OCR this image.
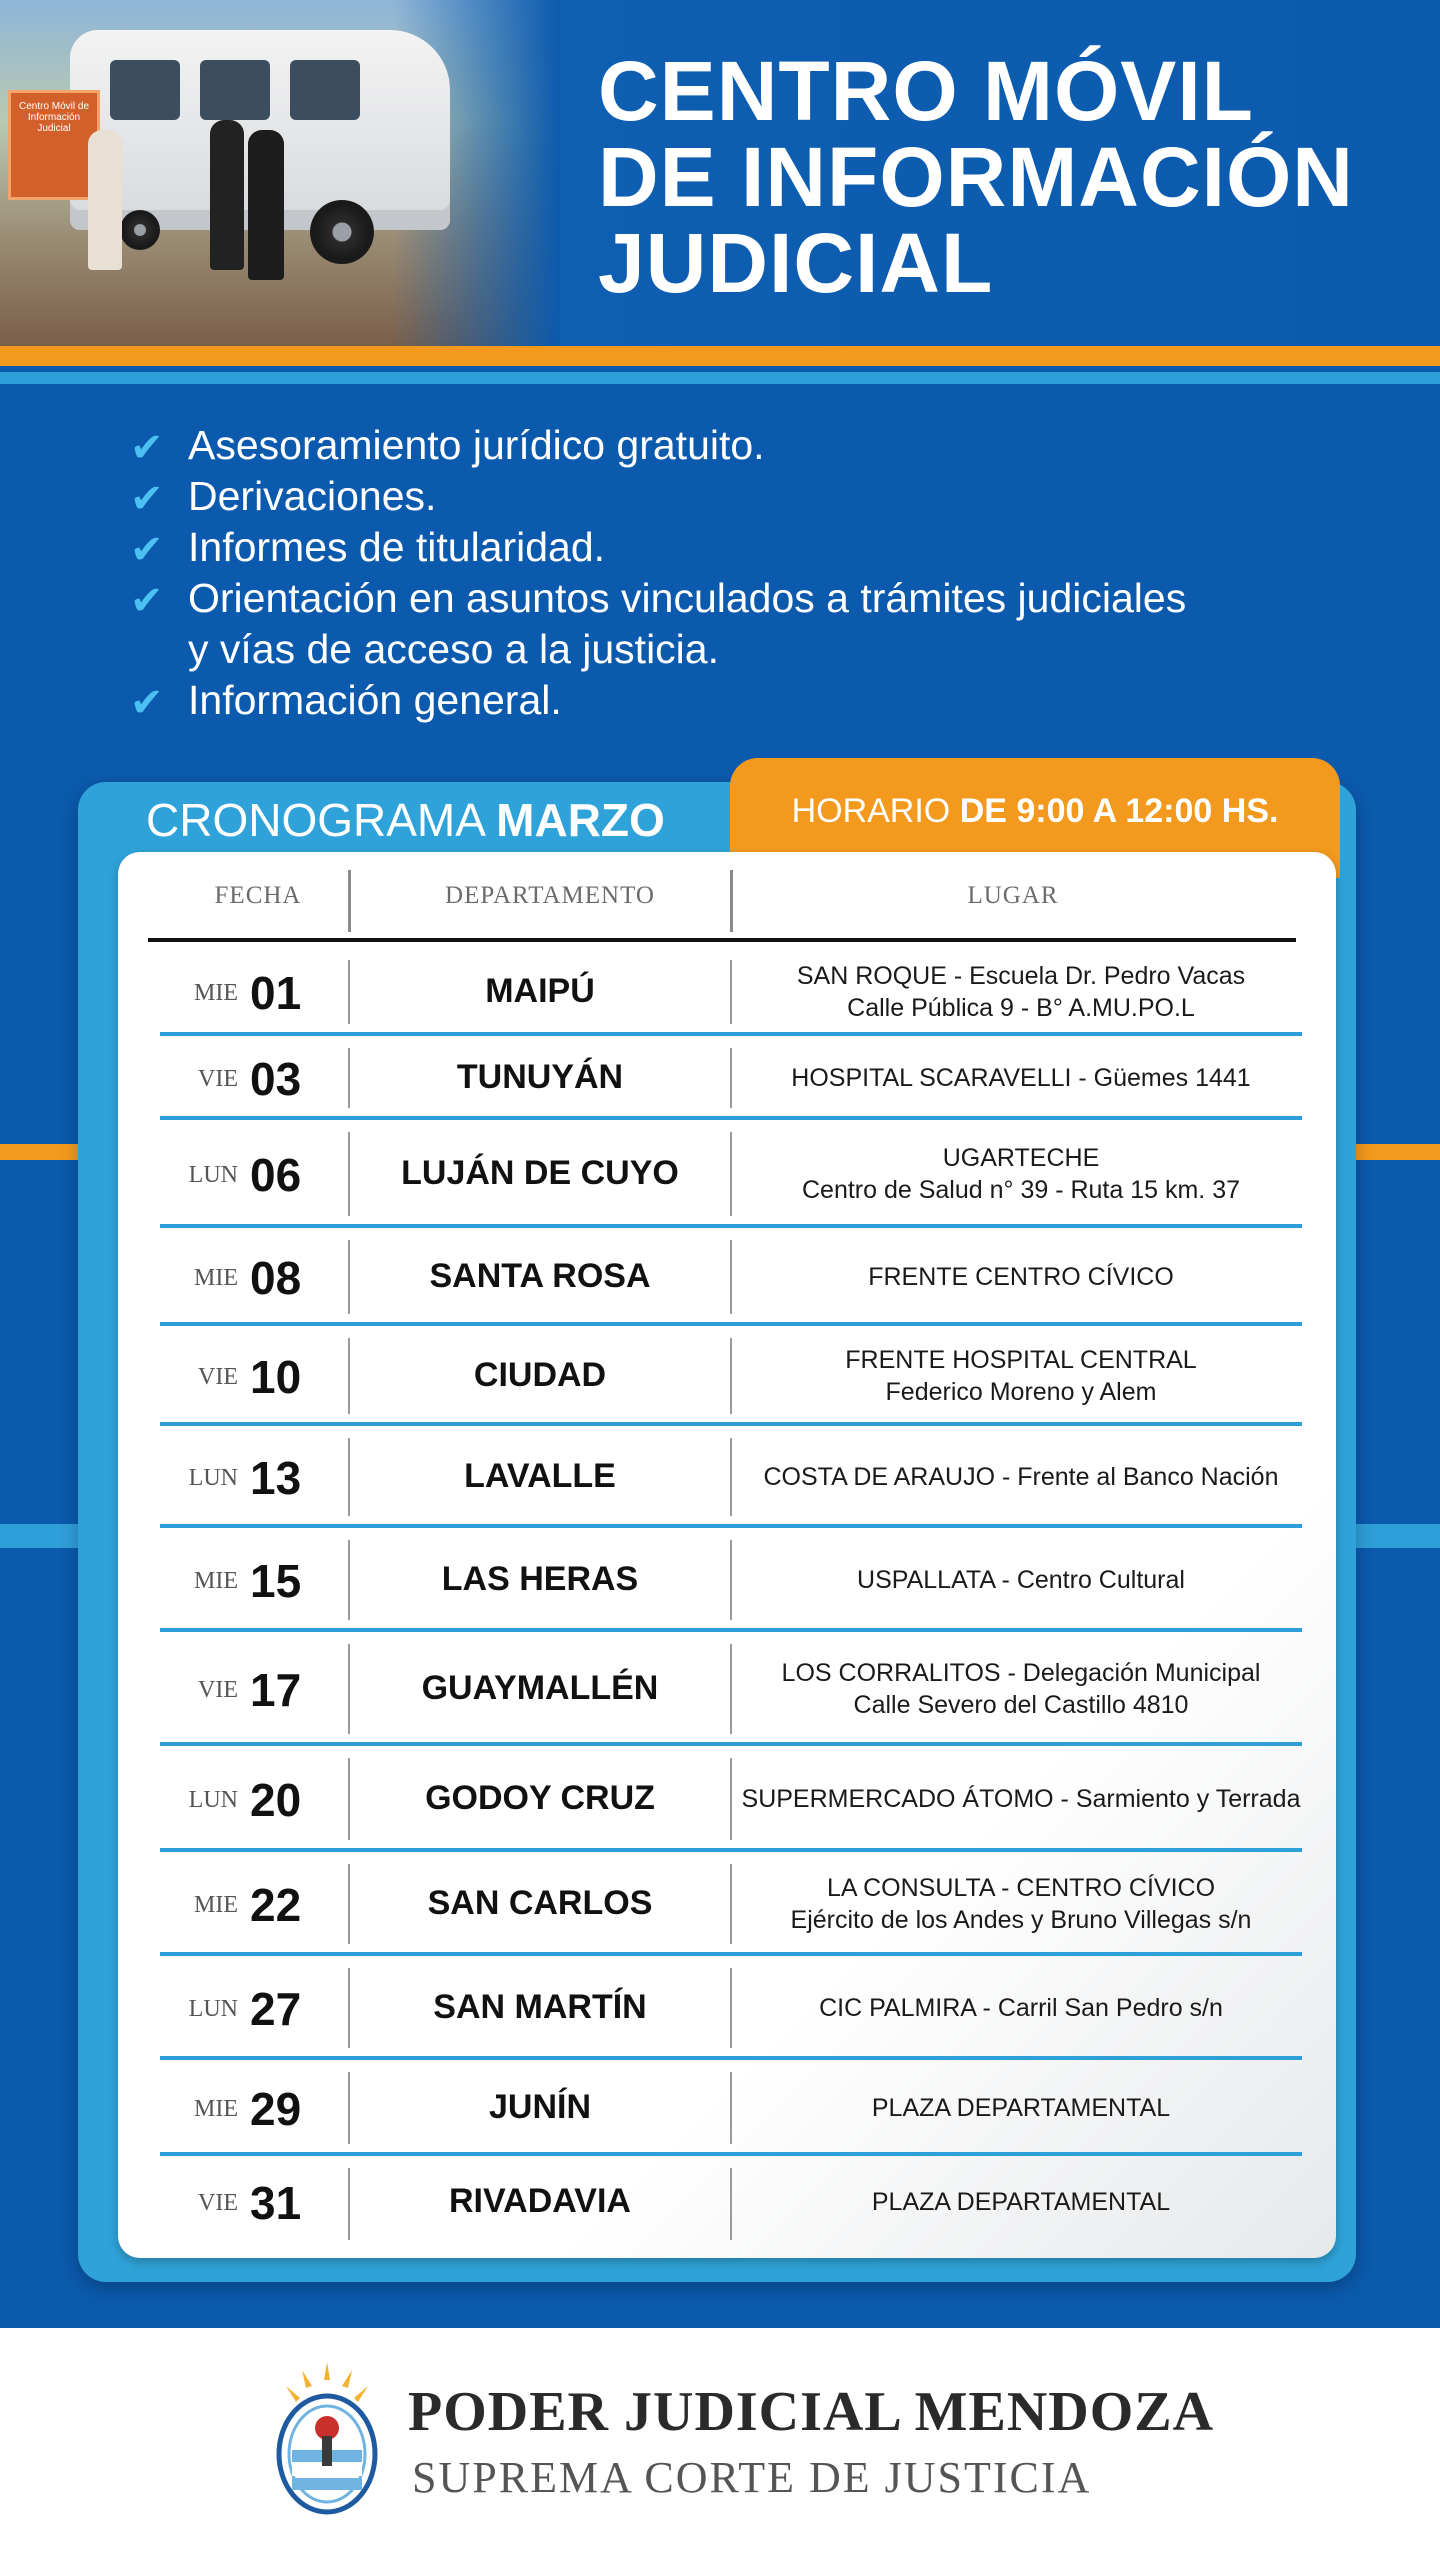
Centro Móvil de Información Judicial	CENTRO MÓVIL
DE INFORMACIÓN
JUDICIAL
✔ Asesoramiento jurídico gratuito.
✔ Derivaciones.
✔ Informes de titularidad.
✔ Orientación en asuntos vinculados a trámites judiciales
y vías de acceso a la justicia.
✔ Información general.
CRONOGRAMA MARZO	HORARIO DE 9:00 A 12:00 HS.
FECHA	DEPARTAMENTO	LUGAR
MIE 01	MAIPÚ	SAN ROQUE - Escuela Dr. Pedro Vacas
Calle Pública 9 - B° A.MU.PO.L
VIE 03	TUNUYÁN	HOSPITAL SCARAVELLI - Güemes 1441
LUN 06	LUJÁN DE CUYO	UGARTECHE
Centro de Salud n° 39 - Ruta 15 km. 37
MIE 08	SANTA ROSA	FRENTE CENTRO CÍVICO
VIE 10	CIUDAD	FRENTE HOSPITAL CENTRAL
Federico Moreno y Alem
LUN 13	LAVALLE	COSTA DE ARAUJO - Frente al Banco Nación
MIE 15	LAS HERAS	USPALLATA - Centro Cultural
VIE 17	GUAYMALLÉN	LOS CORRALITOS - Delegación Municipal
Calle Severo del Castillo 4810
LUN 20	GODOY CRUZ	SUPERMERCADO ÁTOMO - Sarmiento y Terrada
MIE 22	SAN CARLOS	LA CONSULTA - CENTRO CÍVICO
Ejército de los Andes y Bruno Villegas s/n
LUN 27	SAN MARTÍN	CIC PALMIRA - Carril San Pedro s/n
MIE 29	JUNÍN	PLAZA DEPARTAMENTAL
VIE 31	RIVADAVIA	PLAZA DEPARTAMENTAL
PODER JUDICIAL MENDOZA
SUPREMA CORTE DE JUSTICIA
